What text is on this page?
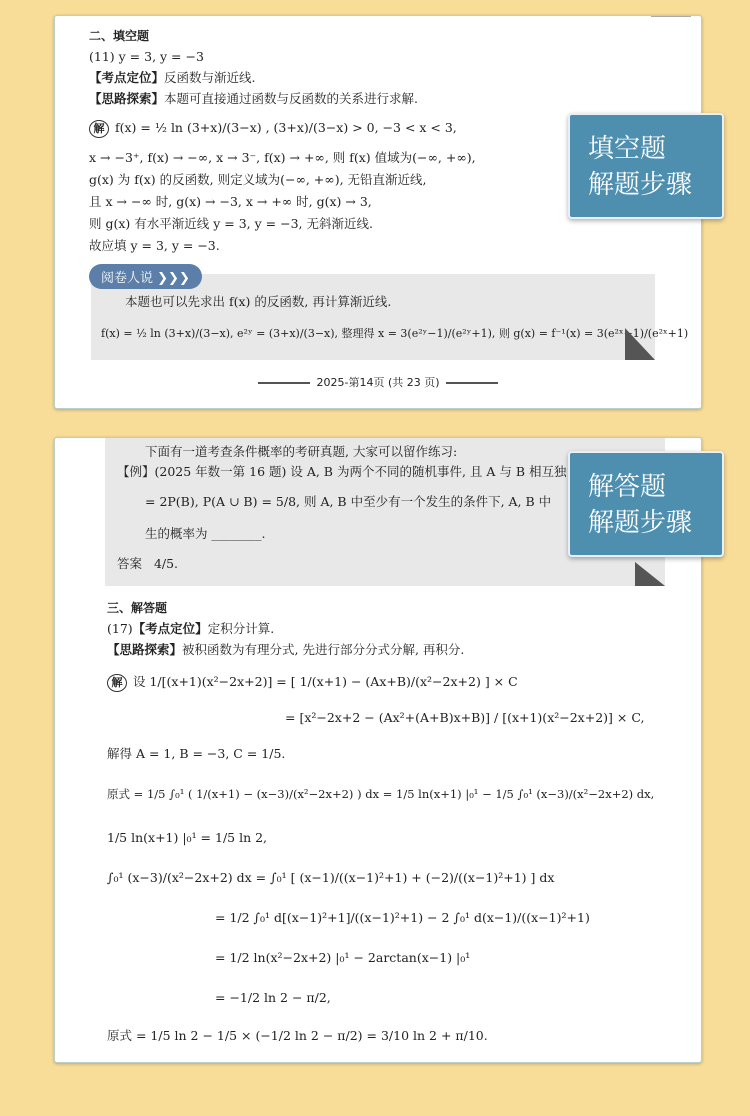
二、填空题
(11) y = 3, y = −3
【考点定位】反函数与渐近线.
【思路探索】本题可直接通过函数与反函数的关系进行求解.
解 f(x) = ½ ln (3+x)/(3−x) , (3+x)/(3−x) > 0, −3 < x < 3,
x → −3⁺, f(x) → −∞, x → 3⁻, f(x) → +∞, 则 f(x) 值域为(−∞, +∞),
g(x) 为 f(x) 的反函数, 则定义域为(−∞, +∞), 无铅直渐近线,
且 x → −∞ 时, g(x) → −3, x → +∞ 时, g(x) → 3,
则 g(x) 有水平渐近线 y = 3, y = −3, 无斜渐近线.
故应填 y = 3, y = −3.
阅卷人说 ❯❯❯
本题也可以先求出 f(x) 的反函数, 再计算渐近线.
f(x) = ½ ln (3+x)/(3−x), e²ʸ = (3+x)/(3−x), 整理得 x = 3(e²ʸ−1)/(e²ʸ+1), 则 g(x) = f⁻¹(x) = 3(e²ˣ−1)/(e²ˣ+1)
2025-第14页 (共 23 页)
填空题
解题步骤
下面有一道考查条件概率的考研真题, 大家可以留作练习:
【例】(2025 年数一第 16 题) 设 A, B 为两个不同的随机事件, 且 A 与 B 相互独
= 2P(B), P(A ∪ B) = 5/8, 则 A, B 中至少有一个发生的条件下, A, B 中
生的概率为 ________.
答案 4/5.
三、解答题
(17)【考点定位】定积分计算.
【思路探索】被积函数为有理分式, 先进行部分分式分解, 再积分.
解 设 1/[(x+1)(x²−2x+2)] = [ 1/(x+1) − (Ax+B)/(x²−2x+2) ] × C
= [x²−2x+2 − (Ax²+(A+B)x+B)] / [(x+1)(x²−2x+2)] × C,
解得 A = 1, B = −3, C = 1/5.
原式 = 1/5 ∫₀¹ ( 1/(x+1) − (x−3)/(x²−2x+2) ) dx = 1/5 ln(x+1) |₀¹ − 1/5 ∫₀¹ (x−3)/(x²−2x+2) dx,
1/5 ln(x+1) |₀¹ = 1/5 ln 2,
∫₀¹ (x−3)/(x²−2x+2) dx = ∫₀¹ [ (x−1)/((x−1)²+1) + (−2)/((x−1)²+1) ] dx
= 1/2 ∫₀¹ d[(x−1)²+1]/((x−1)²+1) − 2 ∫₀¹ d(x−1)/((x−1)²+1)
= 1/2 ln(x²−2x+2) |₀¹ − 2arctan(x−1) |₀¹
= −1/2 ln 2 − π/2,
原式 = 1/5 ln 2 − 1/5 × (−1/2 ln 2 − π/2) = 3/10 ln 2 + π/10.
解答题
解题步骤
